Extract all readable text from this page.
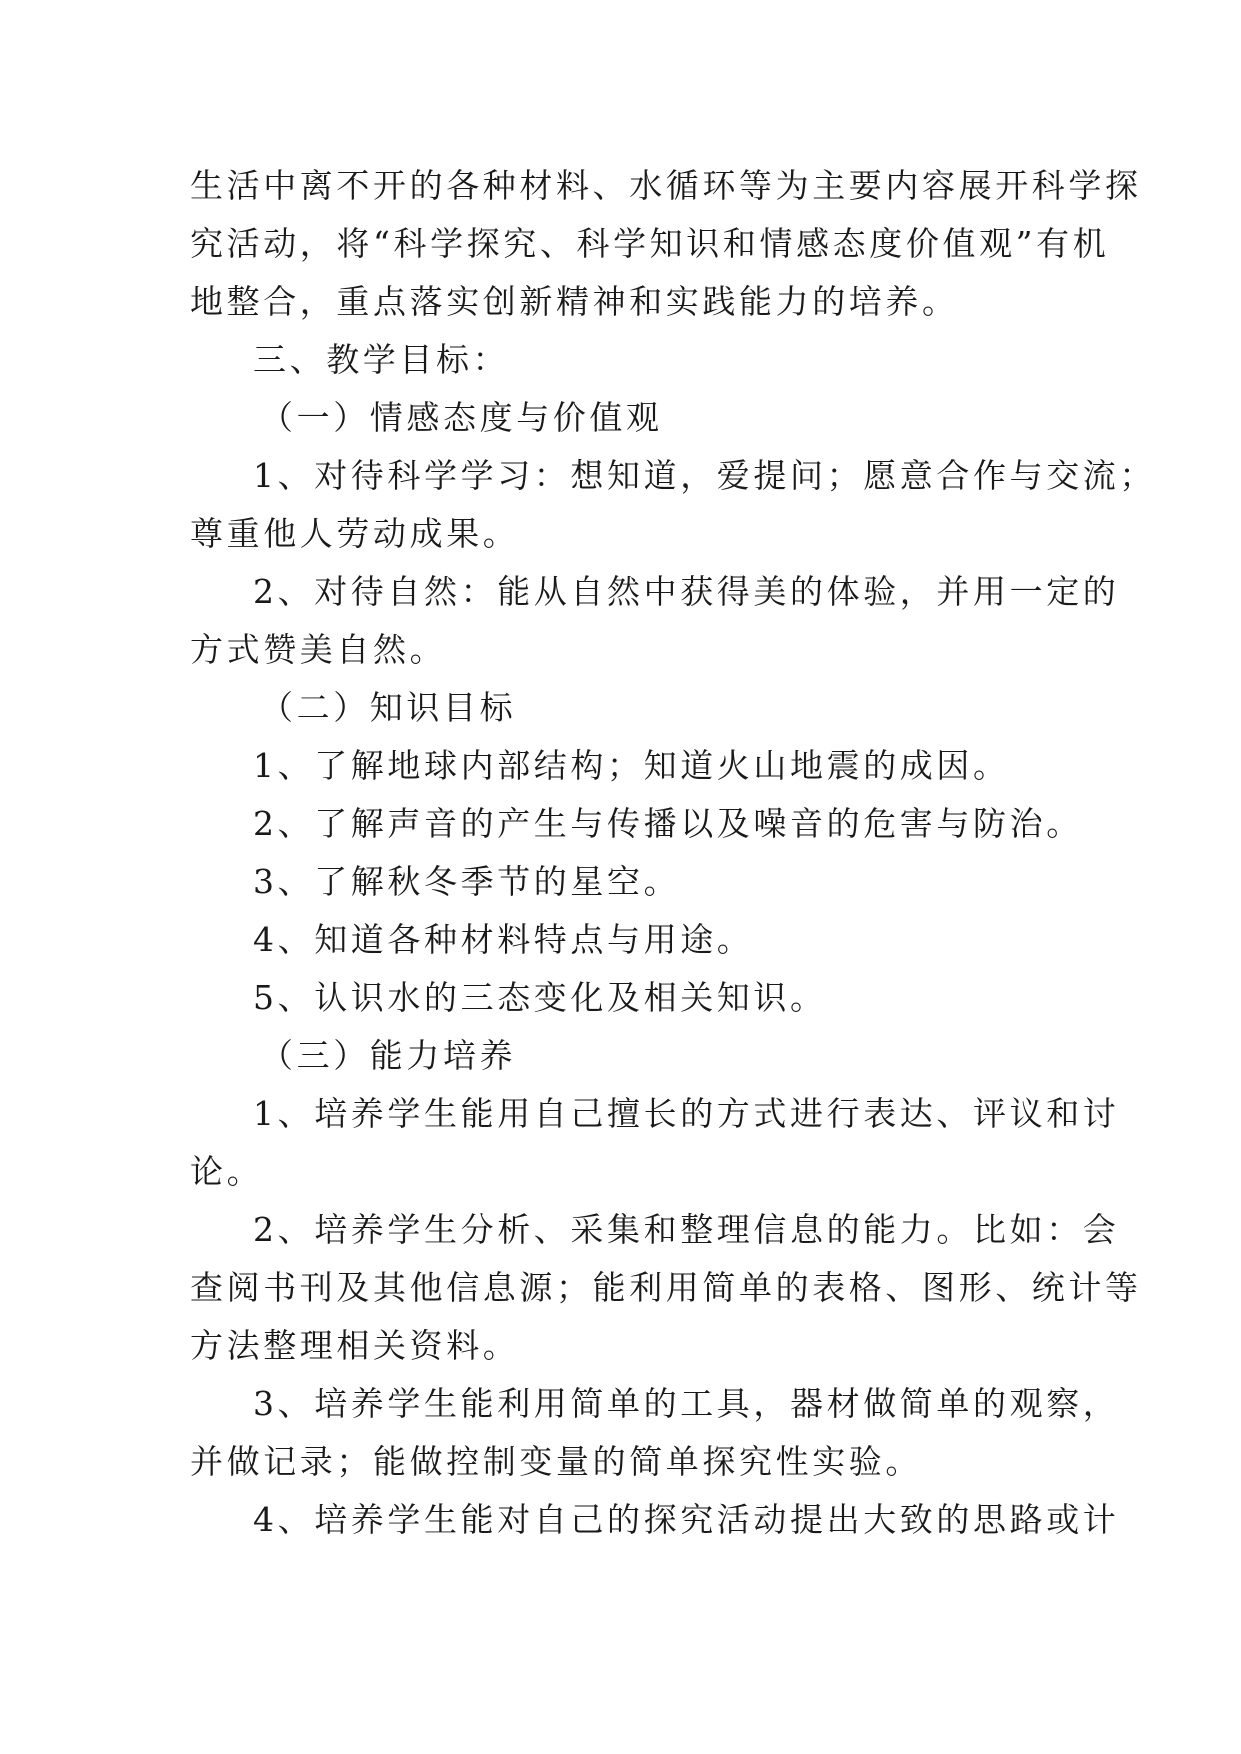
生活中离不开的各种材料、水循环等为主要内容展开科学探
究活动，将“科学探究、科学知识和情感态度价值观”有机
地整合，重点落实创新精神和实践能力的培养。
三、教学目标：
（一）情感态度与价值观
1、对待科学学习：想知道，爱提问；愿意合作与交流；
尊重他人劳动成果。
2、对待自然：能从自然中获得美的体验，并用一定的
方式赞美自然。
（二）知识目标
1、了解地球内部结构；知道火山地震的成因。
2、了解声音的产生与传播以及噪音的危害与防治。
3、了解秋冬季节的星空。
4、知道各种材料特点与用途。
5、认识水的三态变化及相关知识。
（三）能力培养
1、培养学生能用自己擅长的方式进行表达、评议和讨
论。
2、培养学生分析、采集和整理信息的能力。比如：会
查阅书刊及其他信息源；能利用简单的表格、图形、统计等
方法整理相关资料。
3、培养学生能利用简单的工具，器材做简单的观察，
并做记录；能做控制变量的简单探究性实验。
4、培养学生能对自己的探究活动提出大致的思路或计
